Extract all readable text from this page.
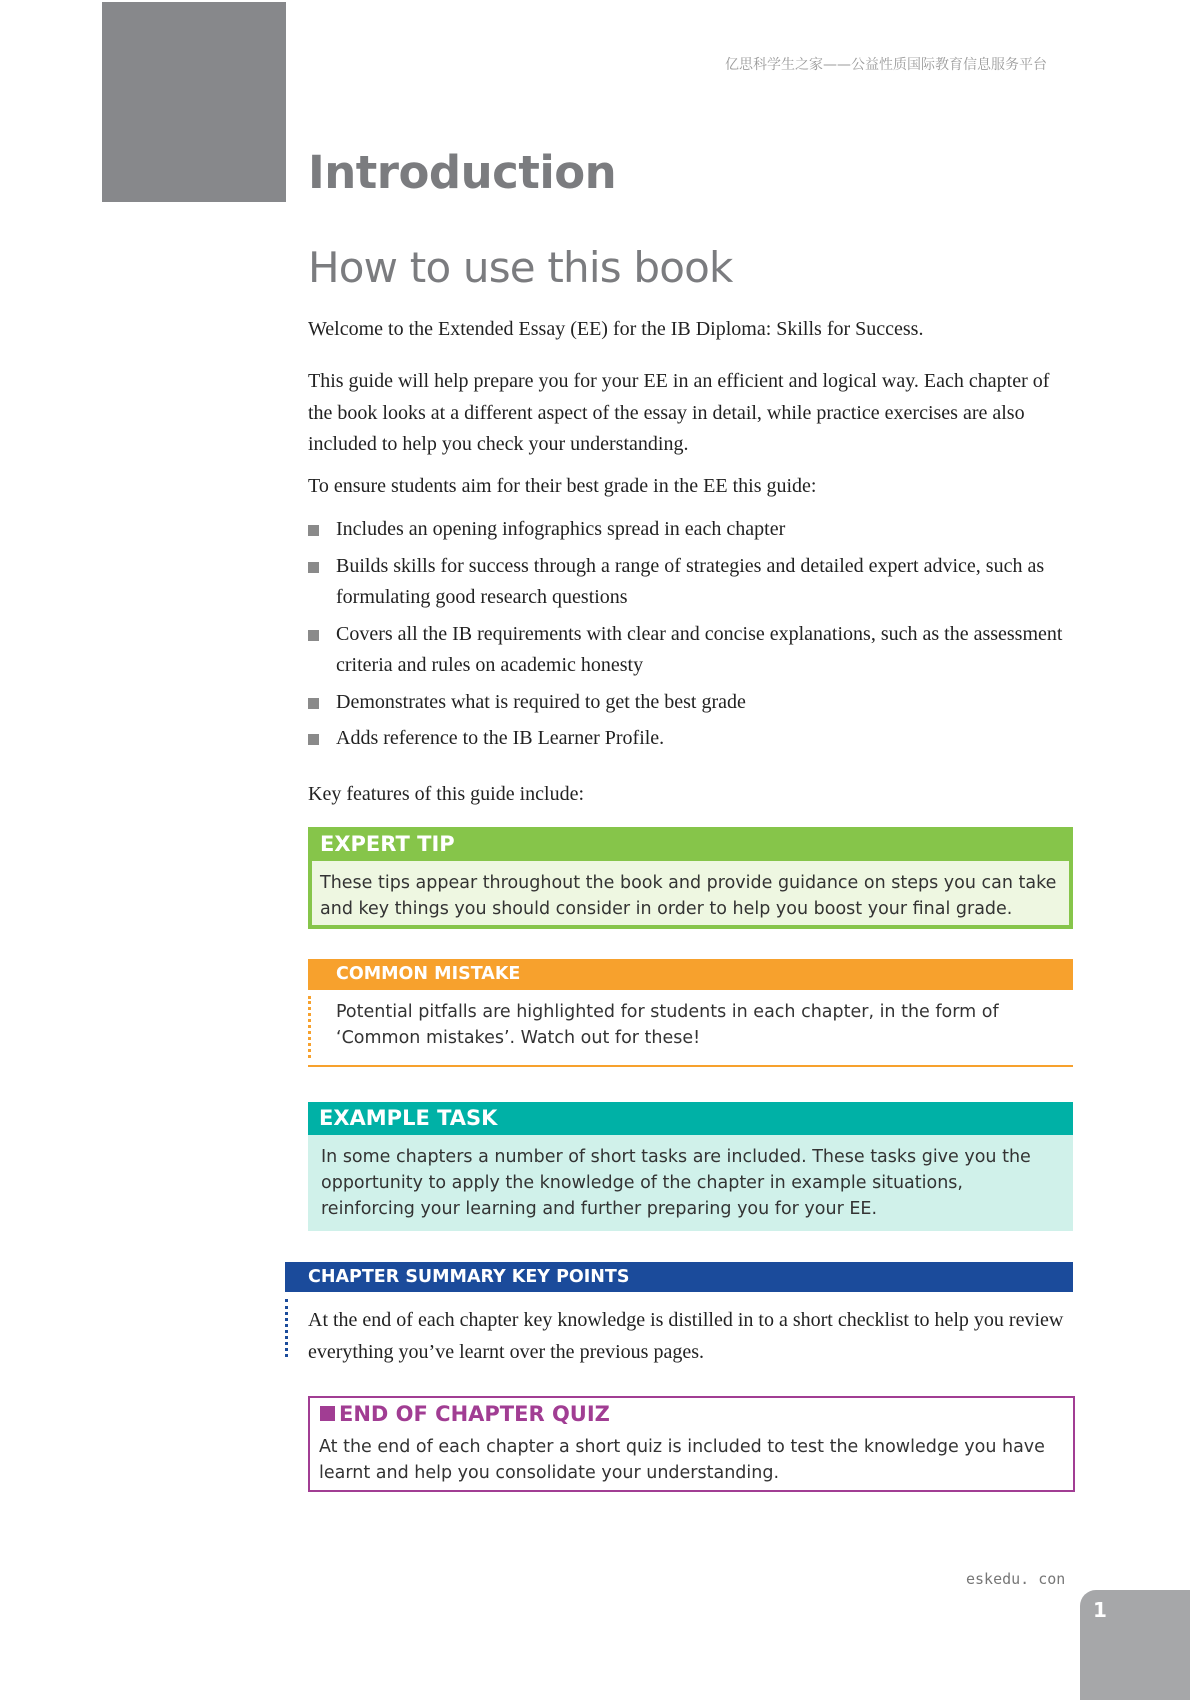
亿思科学生之家——公益性质国际教育信息服务平台
Introduction
How to use this book
Welcome to the Extended Essay (EE) for the IB Diploma: Skills for Success.
This guide will help prepare you for your EE in an efficient and logical way. Each chapter of the book looks at a different aspect of the essay in detail, while practice exercises are also included to help you check your understanding.
To ensure students aim for their best grade in the EE this guide:
Includes an opening infographics spread in each chapter
Builds skills for success through a range of strategies and detailed expert advice, such as formulating good research questions
Covers all the IB requirements with clear and concise explanations, such as the assessment criteria and rules on academic honesty
Demonstrates what is required to get the best grade
Adds reference to the IB Learner Profile.
Key features of this guide include:
EXPERT TIP
These tips appear throughout the book and provide guidance on steps you can take and key things you should consider in order to help you boost your final grade.
COMMON MISTAKE
Potential pitfalls are highlighted for students in each chapter, in the form of ‘Common mistakes’. Watch out for these!
EXAMPLE TASK
In some chapters a number of short tasks are included. These tasks give you the opportunity to apply the knowledge of the chapter in example situations, reinforcing your learning and further preparing you for your EE.
CHAPTER SUMMARY KEY POINTS
At the end of each chapter key knowledge is distilled in to a short checklist to help you review everything you’ve learnt over the previous pages.
END OF CHAPTER QUIZ
At the end of each chapter a short quiz is included to test the knowledge you have learnt and help you consolidate your understanding.
eskedu. con
1
